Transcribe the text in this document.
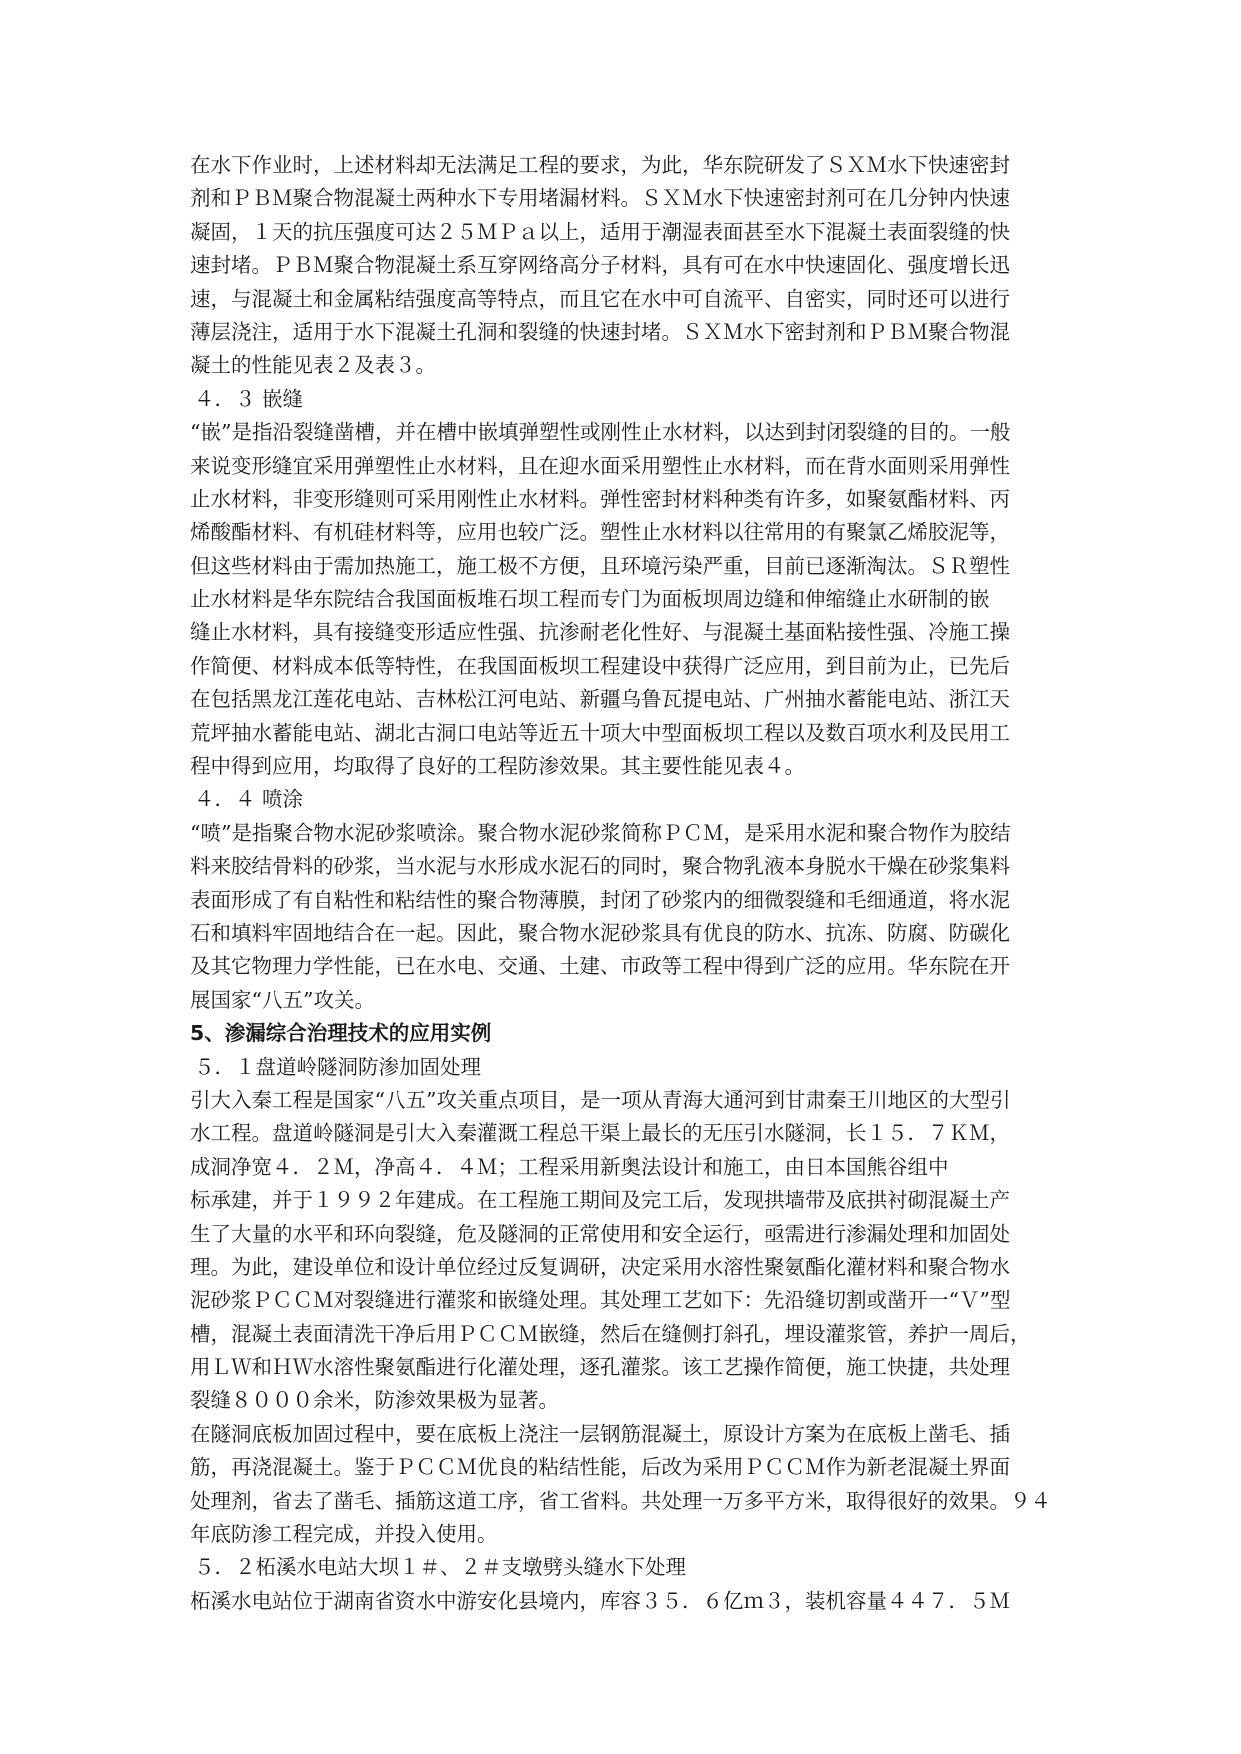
在水下作业时，上述材料却无法满足工程的要求，为此，华东院研发了ＳＸＭ水下快速密封
剂和ＰＢＭ聚合物混凝土两种水下专用堵漏材料。ＳＸＭ水下快速密封剂可在几分钟内快速
凝固，１天的抗压强度可达２５ＭＰａ以上，适用于潮湿表面甚至水下混凝土表面裂缝的快
速封堵。ＰＢＭ聚合物混凝土系互穿网络高分子材料，具有可在水中快速固化、强度增长迅
速，与混凝土和金属粘结强度高等特点，而且它在水中可自流平、自密实，同时还可以进行
薄层浇注，适用于水下混凝土孔洞和裂缝的快速封堵。ＳＸＭ水下密封剂和ＰＢＭ聚合物混
凝土的性能见表２及表３。
４．３ 嵌缝
“嵌”是指沿裂缝凿槽，并在槽中嵌填弹塑性或刚性止水材料，以达到封闭裂缝的目的。一般
来说变形缝宜采用弹塑性止水材料，且在迎水面采用塑性止水材料，而在背水面则采用弹性
止水材料，非变形缝则可采用刚性止水材料。弹性密封材料种类有许多，如聚氨酯材料、丙
烯酸酯材料、有机硅材料等，应用也较广泛。塑性止水材料以往常用的有聚氯乙烯胶泥等，
但这些材料由于需加热施工，施工极不方便，且环境污染严重，目前已逐渐淘汰。ＳＲ塑性
止水材料是华东院结合我国面板堆石坝工程而专门为面板坝周边缝和伸缩缝止水研制的嵌
缝止水材料，具有接缝变形适应性强、抗渗耐老化性好、与混凝土基面粘接性强、冷施工操
作简便、材料成本低等特性，在我国面板坝工程建设中获得广泛应用，到目前为止，已先后
在包括黑龙江莲花电站、吉林松江河电站、新疆乌鲁瓦提电站、广州抽水蓄能电站、浙江天
荒坪抽水蓄能电站、湖北古洞口电站等近五十项大中型面板坝工程以及数百项水利及民用工
程中得到应用，均取得了良好的工程防渗效果。其主要性能见表４。
４．４ 喷涂
“喷”是指聚合物水泥砂浆喷涂。聚合物水泥砂浆简称ＰＣＭ，是采用水泥和聚合物作为胶结
料来胶结骨料的砂浆，当水泥与水形成水泥石的同时，聚合物乳液本身脱水干燥在砂浆集料
表面形成了有自粘性和粘结性的聚合物薄膜，封闭了砂浆内的细微裂缝和毛细通道，将水泥
石和填料牢固地结合在一起。因此，聚合物水泥砂浆具有优良的防水、抗冻、防腐、防碳化
及其它物理力学性能，已在水电、交通、土建、市政等工程中得到广泛的应用。华东院在开
展国家“八五”攻关。
5、渗漏综合治理技术的应用实例
５．１盘道岭隧洞防渗加固处理
引大入秦工程是国家“八五”攻关重点项目，是一项从青海大通河到甘肃秦王川地区的大型引
水工程。盘道岭隧洞是引大入秦灌溉工程总干渠上最长的无压引水隧洞，长１５．７ＫＭ，
成洞净宽４．２Ｍ，净高４．４Ｍ；工程采用新奥法设计和施工，由日本国熊谷组中
标承建，并于１９９２年建成。在工程施工期间及完工后，发现拱墙带及底拱衬砌混凝土产
生了大量的水平和环向裂缝，危及隧洞的正常使用和安全运行，亟需进行渗漏处理和加固处
理。为此，建设单位和设计单位经过反复调研，决定采用水溶性聚氨酯化灌材料和聚合物水
泥砂浆ＰＣＣＭ对裂缝进行灌浆和嵌缝处理。其处理工艺如下：先沿缝切割或凿开一“Ｖ”型
槽，混凝土表面清洗干净后用ＰＣＣＭ嵌缝，然后在缝侧打斜孔，埋设灌浆管，养护一周后，
用ＬＷ和ＨＷ水溶性聚氨酯进行化灌处理，逐孔灌浆。该工艺操作简便，施工快捷，共处理
裂缝８０００余米，防渗效果极为显著。
在隧洞底板加固过程中，要在底板上浇注一层钢筋混凝土，原设计方案为在底板上凿毛、插
筋，再浇混凝土。鉴于ＰＣＣＭ优良的粘结性能，后改为采用ＰＣＣＭ作为新老混凝土界面
处理剂，省去了凿毛、插筋这道工序，省工省料。共处理一万多平方米，取得很好的效果。９４
年底防渗工程完成，并投入使用。
５．２柘溪水电站大坝１＃、２＃支墩劈头缝水下处理
柘溪水电站位于湖南省资水中游安化县境内，库容３５．６亿ｍ３，装机容量４４７．５Ｍ
